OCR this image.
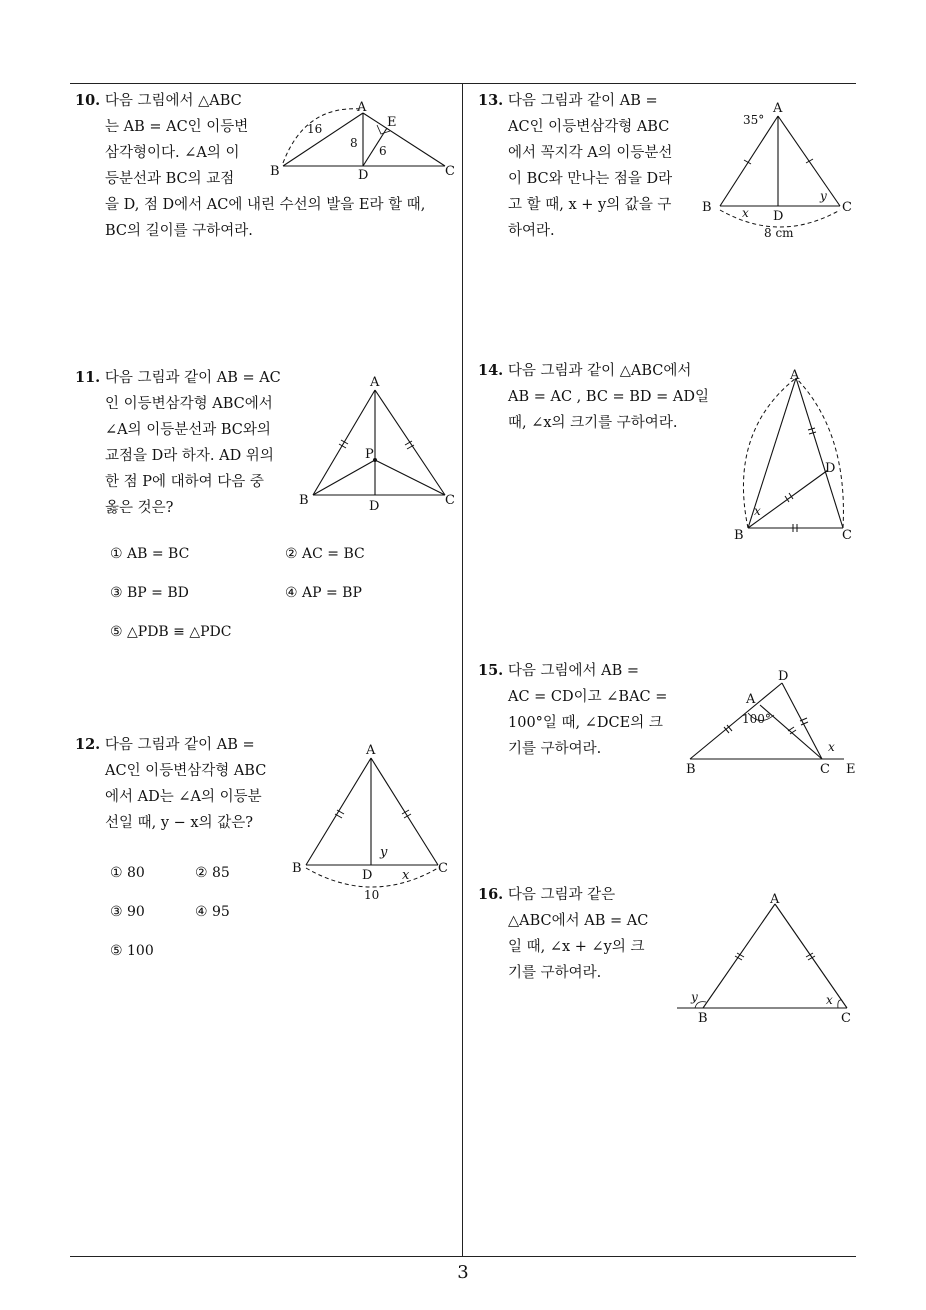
10. 다음 그림에서 △ABC
는 AB = AC인 이등변
삼각형이다. ∠A의 이
등분선과 BC의 교점
을 D, 점 D에서 AC에 내린 수선의 발을 E라 할 때,
BC의 길이를 구하여라.
A
B	C
D
E
16
8
6
11. 다음 그림과 같이 AB = AC
인 이등변삼각형 ABC에서
∠A의 이등분선과 BC와의
교점을 D라 하자. AD 위의
한 점 P에 대하여 다음 중
옳은 것은?
A
B	C
D
P
① AB = BC	② AC = BC
③ BP = BD	④ AP = BP
⑤ △PDB ≡ △PDC
12. 다음 그림과 같이 AB =
AC인 이등변삼각형 ABC
에서 AD는 ∠A의 이등분
선일 때, y − x의 값은?
A
B	C
D
y
x
10
① 80	② 85
③ 90	④ 95
⑤ 100
13. 다음 그림과 같이 AB =
AC인 이등변삼각형 ABC
에서 꼭지각 A의 이등분선
이 BC와 만나는 점을 D라
고 할 때, x + y의 값을 구
하여라.
A
B	C
D
35°
x
y
8 cm
14. 다음 그림과 같이 △ABC에서
AB = AC , BC = BD = AD일
때, ∠x의 크기를 구하여라.
A
B	C
D
x
15. 다음 그림에서 AB =
AC = CD이고 ∠BAC =
100°일 때, ∠DCE의 크
기를 구하여라.
B	C E
D
A
100°
x
16. 다음 그림과 같은
△ABC에서 AB = AC
일 때, ∠x + ∠y의 크
기를 구하여라.
A
B	C
y	x
3
